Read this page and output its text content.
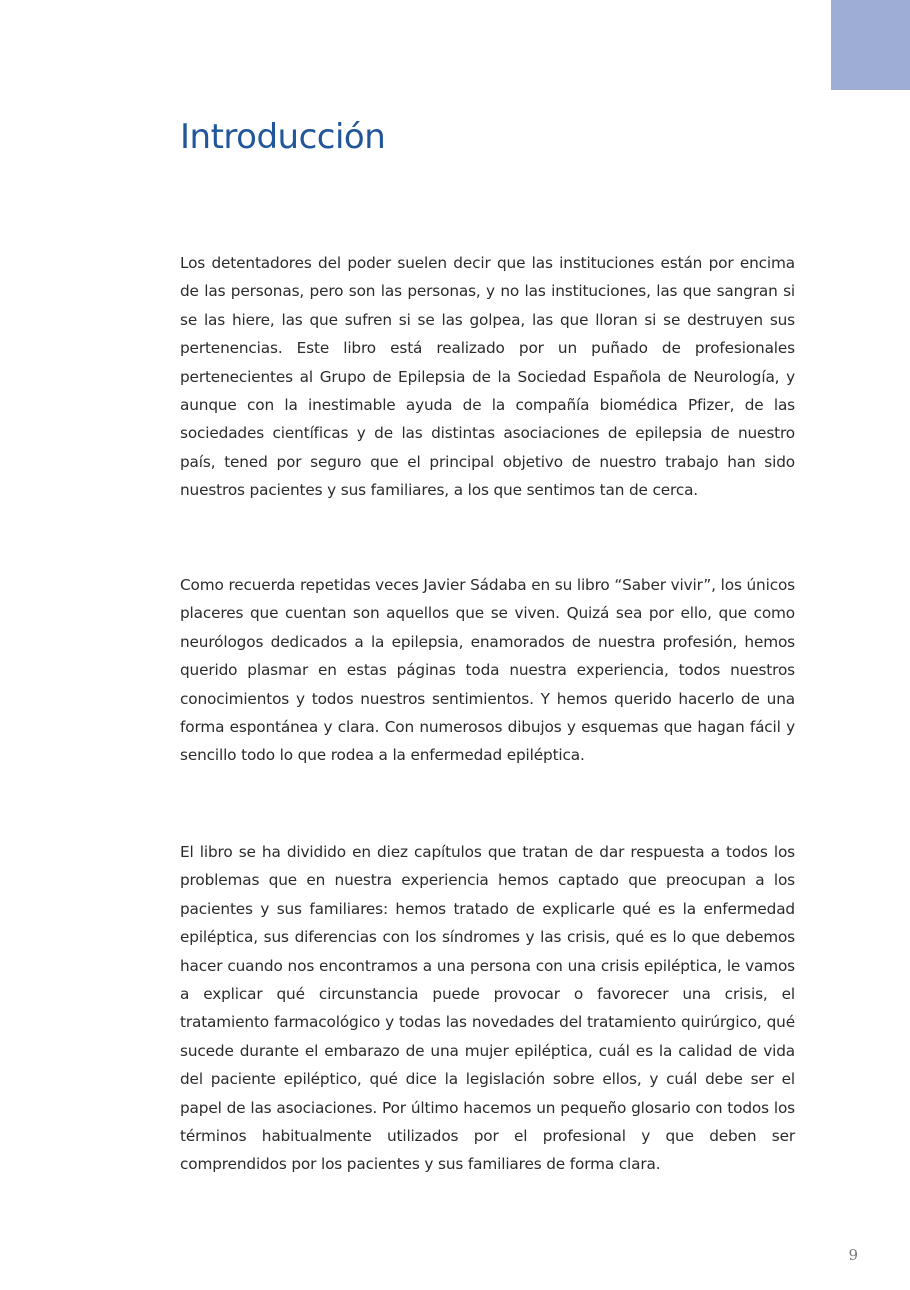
Introducción

Los detentadores del poder suelen decir que las instituciones están por encima de las personas, pero son las personas, y no las instituciones, las que sangran si se las hiere, las que sufren si se las golpea, las que lloran si se destruyen sus pertenencias. Este libro está realizado por un puñado de profesionales pertenecientes al Grupo de Epilepsia de la Sociedad Española de Neurología, y aunque con la inestimable ayuda de la compañía biomédica Pfizer, de las sociedades científicas y de las distintas asociaciones de epilepsia de nuestro país, tened por seguro que el principal objetivo de nuestro trabajo han sido nuestros pacientes y sus familiares, a los que sentimos tan de cerca.

Como recuerda repetidas veces Javier Sádaba en su libro “Saber vivir”, los únicos placeres que cuentan son aquellos que se viven. Quizá sea por ello, que como neurólogos dedicados a la epilepsia, enamorados de nuestra profesión, hemos querido plasmar en estas páginas toda nuestra experiencia, todos nuestros conocimientos y todos nuestros sentimientos. Y hemos querido hacerlo de una forma espontánea y clara. Con numerosos dibujos y esquemas que hagan fácil y sencillo todo lo que rodea a la enfermedad epiléptica.

El libro se ha dividido en diez capítulos que tratan de dar respuesta a todos los problemas que en nuestra experiencia hemos captado que preocupan a los pacientes y sus familiares: hemos tratado de explicarle qué es la enfermedad epiléptica, sus diferencias con los síndromes y las crisis, qué es lo que debemos hacer cuando nos encontramos a una persona con una crisis epiléptica, le vamos a explicar qué circunstancia puede provocar o favorecer una crisis, el tratamiento farmacológico y todas las novedades del tratamiento quirúrgico, qué sucede durante el embarazo de una mujer epiléptica, cuál es la calidad de vida del paciente epiléptico, qué dice la legislación sobre ellos, y cuál debe ser el papel de las asociaciones. Por último hacemos un pequeño glosario con todos los términos habitualmente utilizados por el profesional y que deben ser comprendidos por los pacientes y sus familiares de forma clara.

9
